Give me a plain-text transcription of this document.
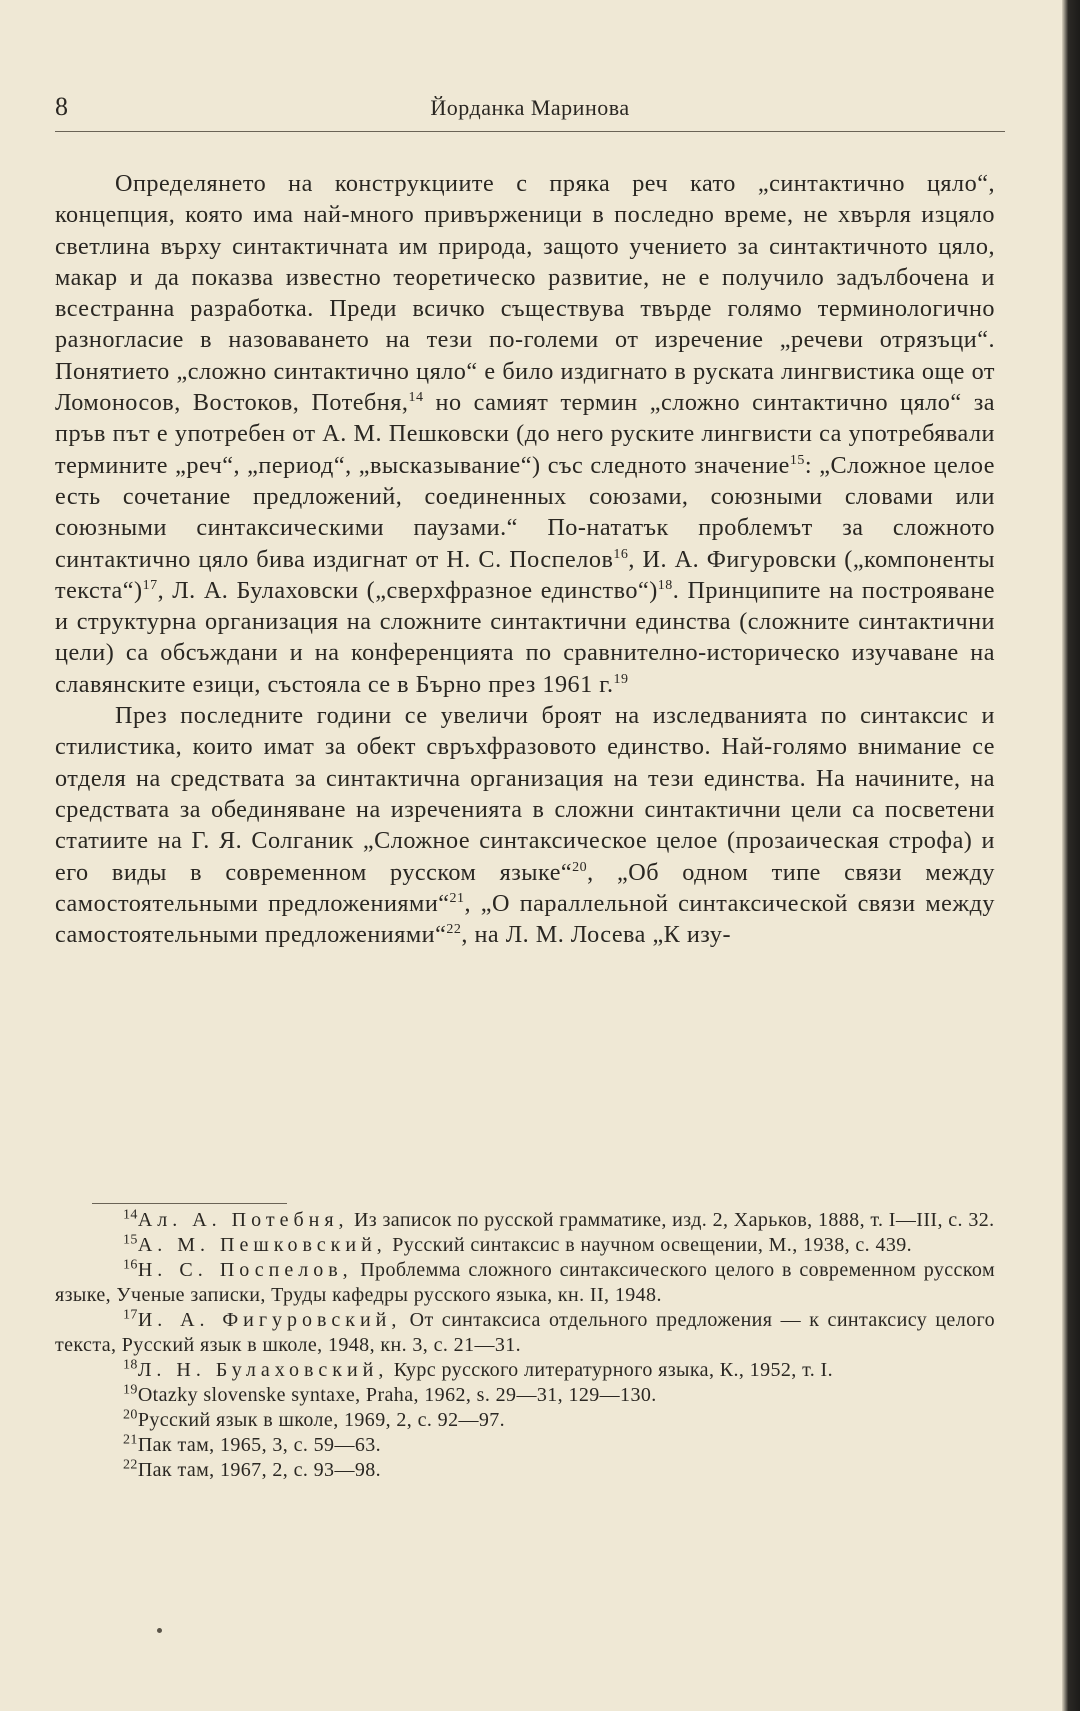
8	Йорданка Маринова

Определянето на конструкциите с пряка реч като „синтактично цяло“, концепция, която има най-много привърженици в последно време, не хвърля изцяло светлина върху синтактичната им природа, защото учението за синтактичното цяло, макар и да показва известно теоретическо развитие, не е получило задълбочена и всестранна разработка. Преди всичко съществува твърде голямо терминологично разногласие в назоваването на тези по-големи от изречение „речеви отрязъци“. Понятието „сложно синтактично цяло“ е било издигнато в руската лингвистика още от Ломоносов, Востоков, Потебня,$^{14}$ но самият термин „сложно синтактично цяло“ за пръв път е употребен от А. М. Пешковски (до него руските лингвисти са употребявали термините „реч“, „период“, „высказывание“) със следното значение$^{15}$: „Сложное целое есть сочетание предложений, соединенных союзами, союзными словами или союзными синтаксическими паузами.“ По-нататък проблемът за сложното синтактично цяло бива издигнат от Н. С. Поспелов$^{16}$, И. А. Фигуровски („компоненты текста“)$^{17}$, Л. А. Булаховски („сверхфразное единство“)$^{18}$. Принципите на построяване и структурна организация на сложните синтактични единства (сложните синтактични цели) са обсъждани и на конференцията по сравнително-историческо изучаване на славянските езици, състояла се в Бърно през 1961 г.$^{19}$

През последните години се увеличи броят на изследванията по синтаксис и стилистика, които имат за обект свръхфразовото единство. Най-голямо внимание се отделя на средствата за синтактична организация на тези единства. На начините, на средствата за обединяване на изреченията в сложни синтактични цели са посветени статиите на Г. Я. Солганик „Сложное синтаксическое целое (прозаическая строфа) и его виды в современном русском языке“$^{20}$, „Об одном типе связи между самостоятельными предложениями“$^{21}$, „О параллельной синтаксической связи между самостоятельными предложениями“$^{22}$, на Л. М. Лосева „К изу-

$^{14}$Ал. А. Потебня, Из записок по русской грамматике, изд. 2, Харьков, 1888, т. I—III, с. 32.

$^{15}$А. М. Пешковский, Русский синтаксис в научном освещении, М., 1938, с. 439.

$^{16}$Н. С. Поспелов, Проблемма сложного синтаксического целого в современном русском языке, Ученые записки, Труды кафедры русского языка, кн. II, 1948.

$^{17}$И. А. Фигуровский, От синтаксиса отдельного предложения — к синтаксису целого текста, Русский язык в школе, 1948, кн. 3, с. 21—31.

$^{18}$Л. Н. Булаховский, Курс русского литературного языка, К., 1952, т. I.

$^{19}$Otazky slovenske syntaxe, Praha, 1962, s. 29—31, 129—130.

$^{20}$Русский язык в школе, 1969, 2, с. 92—97.

$^{21}$Пак там, 1965, 3, с. 59—63.

$^{22}$Пак там, 1967, 2, с. 93—98.
